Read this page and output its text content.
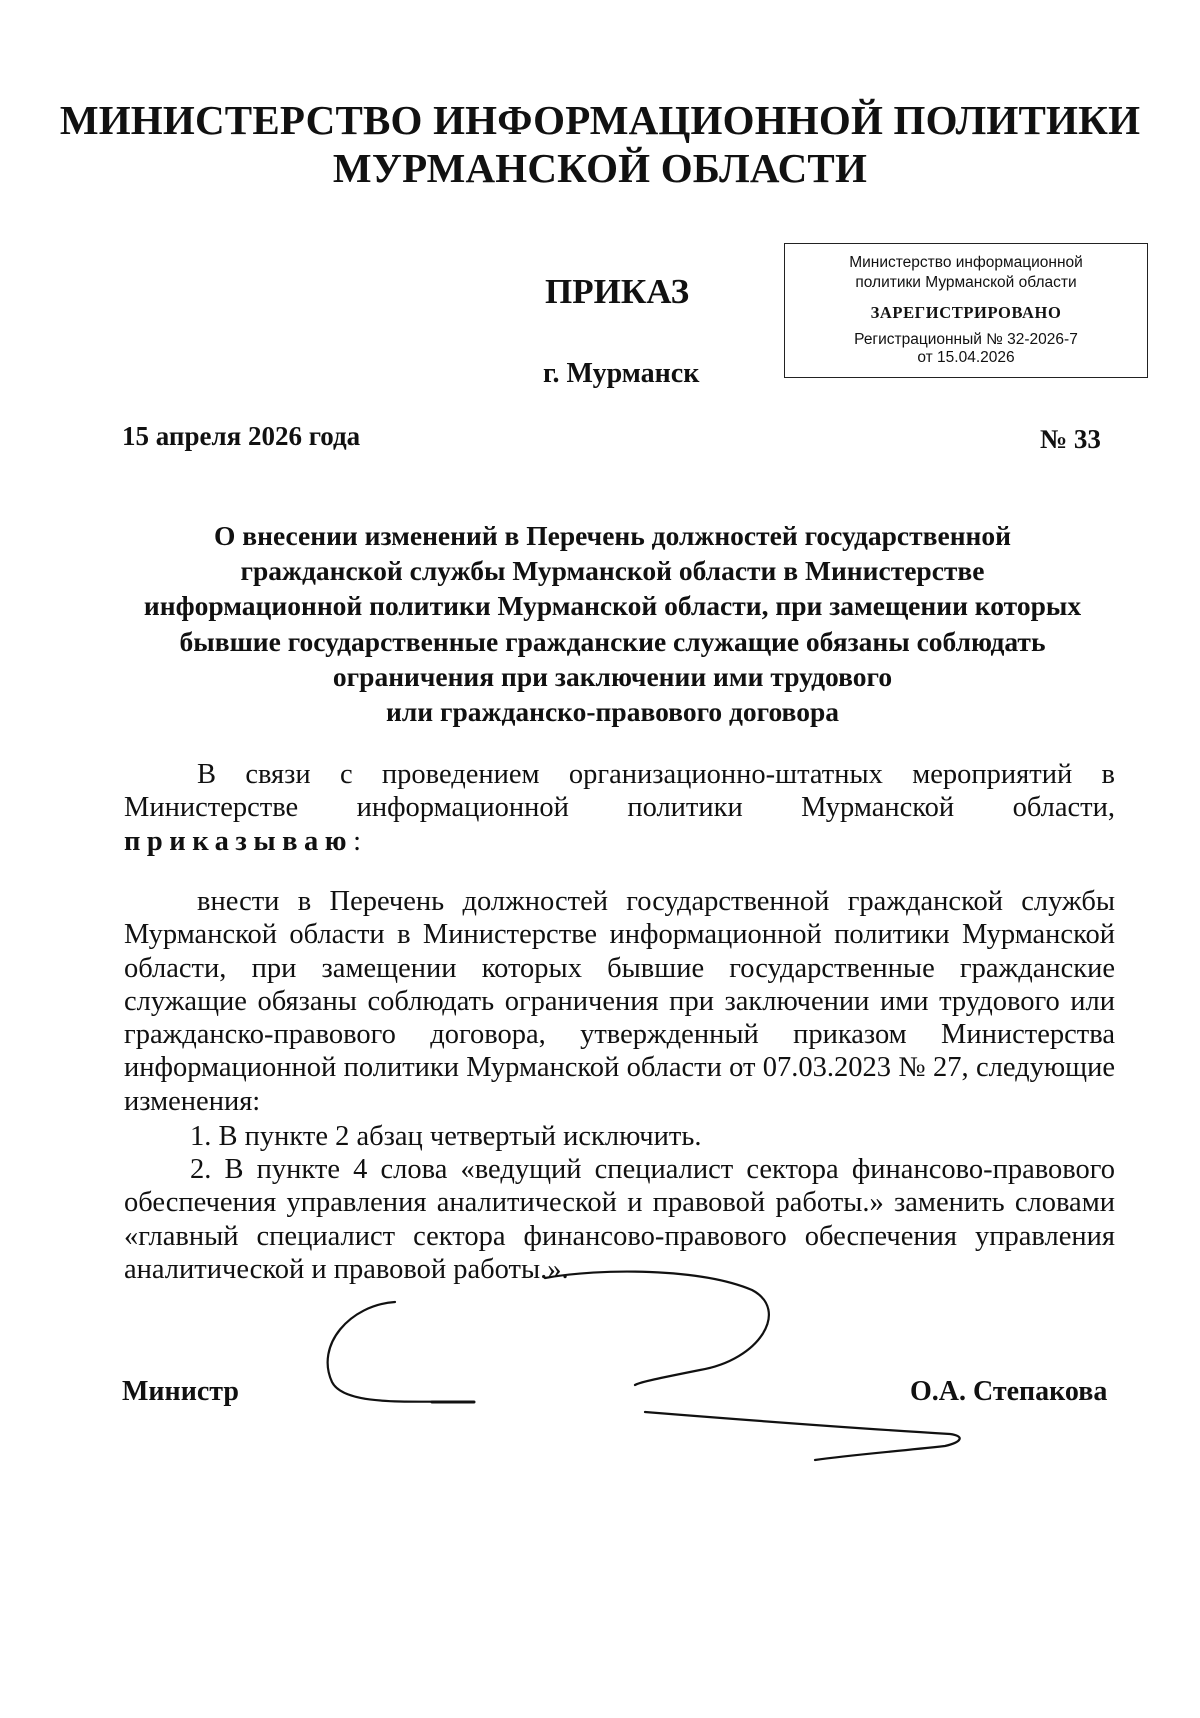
МИНИСТЕРСТВО ИНФОРМАЦИОННОЙ ПОЛИТИКИ
МУРМАНСКОЙ ОБЛАСТИ
ПРИКАЗ
Министерство информационной
политики Мурманской области
ЗАРЕГИСТРИРОВАНО
Регистрационный № 32-2026-7
от 15.04.2026
г. Мурманск
15 апреля 2026 года	№ 33
О внесении изменений в Перечень должностей государственной
гражданской службы Мурманской области в Министерстве
информационной политики Мурманской области, при замещении которых
бывшие государственные гражданские служащие обязаны соблюдать
ограничения при заключении ими трудового
или гражданско-правового договора
В связи с проведением организационно-штатных мероприятий в Министерстве информационной политики Мурманской области, приказываю:
внести в Перечень должностей государственной гражданской службы Мурманской области в Министерстве информационной политики Мурманской области, при замещении которых бывшие государственные гражданские служащие обязаны соблюдать ограничения при заключении ими трудового или гражданско-правового договора, утвержденный приказом Министерства информационной политики Мурманской области от 07.03.2023 № 27, следующие изменения:
1. В пункте 2 абзац четвертый исключить.
2. В пункте 4 слова «ведущий специалист сектора финансово-правового обеспечения управления аналитической и правовой работы.» заменить словами «главный специалист сектора финансово-правового обеспечения управления аналитической и правовой работы.».
Министр	О.А. Степакова
